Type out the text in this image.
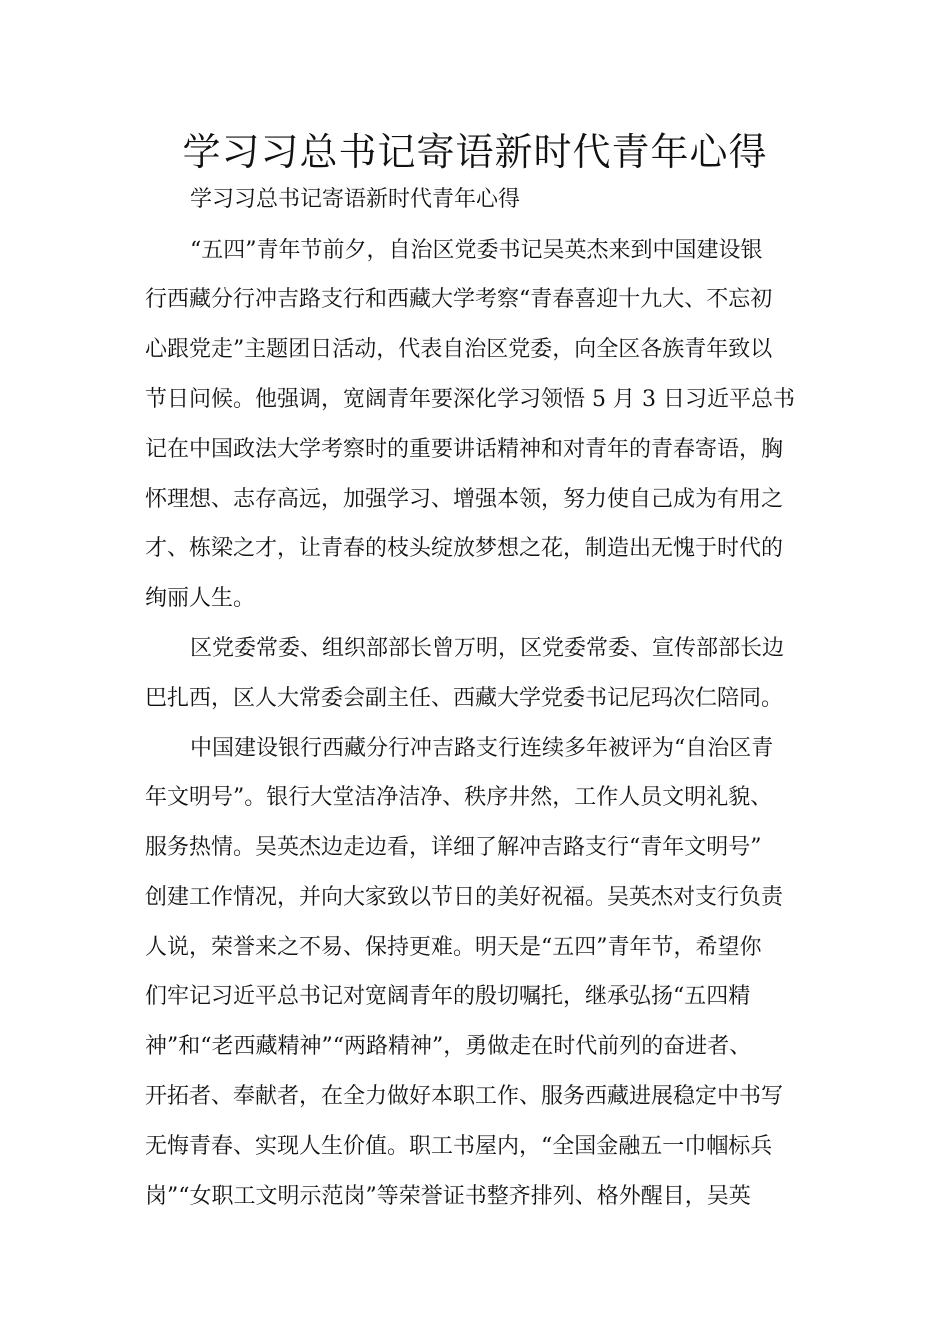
学习习总书记寄语新时代青年心得

学习习总书记寄语新时代青年心得

“五四”青年节前夕，自治区党委书记吴英杰来到中国建设银

行西藏分行冲吉路支行和西藏大学考察“青春喜迎十九大、不忘初

心跟党走”主题团日活动，代表自治区党委，向全区各族青年致以

节日问候。他强调，宽阔青年要深化学习领悟 5 月 3 日习近平总书

记在中国政法大学考察时的重要讲话精神和对青年的青春寄语，胸

怀理想、志存高远，加强学习、增强本领，努力使自己成为有用之

才、栋梁之才，让青春的枝头绽放梦想之花，制造出无愧于时代的

绚丽人生。

区党委常委、组织部部长曾万明，区党委常委、宣传部部长边

巴扎西，区人大常委会副主任、西藏大学党委书记尼玛次仁陪同。

中国建设银行西藏分行冲吉路支行连续多年被评为“自治区青

年文明号”。银行大堂洁净洁净、秩序井然，工作人员文明礼貌、

服务热情。吴英杰边走边看，详细了解冲吉路支行“青年文明号”

创建工作情况，并向大家致以节日的美好祝福。吴英杰对支行负责

人说，荣誉来之不易、保持更难。明天是“五四”青年节，希望你

们牢记习近平总书记对宽阔青年的殷切嘱托，继承弘扬“五四精

神”和“老西藏精神”“两路精神”，勇做走在时代前列的奋进者、

开拓者、奉献者，在全力做好本职工作、服务西藏进展稳定中书写

无悔青春、实现人生价值。职工书屋内，“全国金融五一巾帼标兵

岗”“女职工文明示范岗”等荣誉证书整齐排列、格外醒目，吴英
